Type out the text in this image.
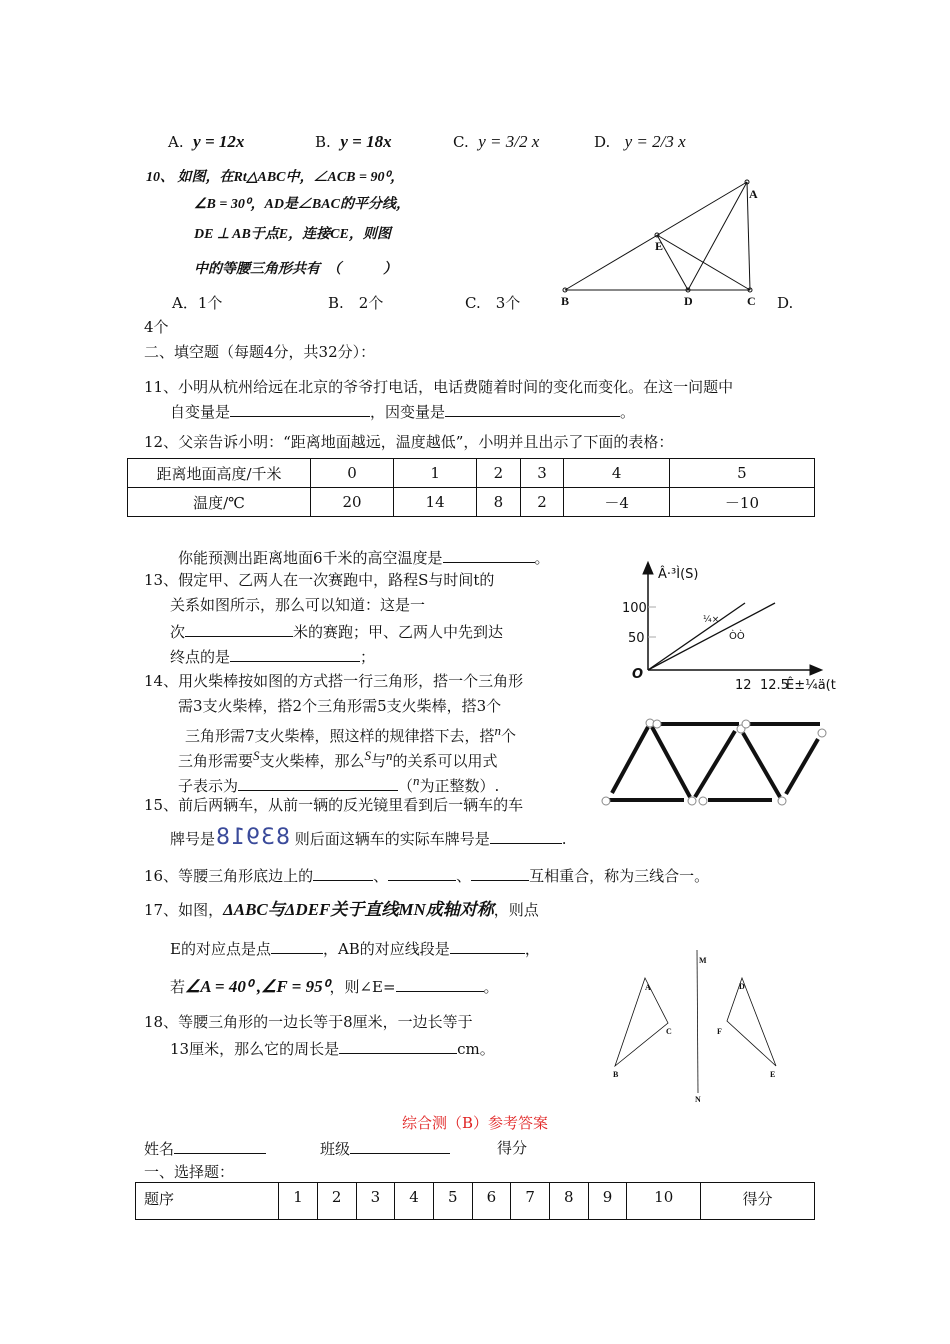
A. y = 12x	B. y = 18x	C. y = 3/2 x	D. y = 2/3 x
10、 如图，在Rt△ABC中，∠ACB = 90⁰，
∠B = 30⁰，AD是∠BAC的平分线，
DE ⊥ AB于点E，连接CE，则图
中的等腰三角形共有　（　　　）
A．1个	B.　2个	C.　3个	D.
4个
A
B	D	C
E
Â·³Ì(S)
100
50
O
12 12.5
Ê±¼ä(t
¼×
ÒÒ
M
N
A
C
B
D
F
E
二、填空题（每题4分，共32分）：
11、小明从杭州给远在北京的爷爷打电话，电话费随着时间的变化而变化。在这一问题中
自变量是	，因变量是	。
12、父亲告诉小明：“距离地面越远，温度越低”，小明并且出示了下面的表格：
距离地面高度/千米	0	1	2	3	4	5
温度/℃	20	14	8	2	－4	－10
你能预测出距离地面6千米的高空温度是	。
13、假定甲、乙两人在一次赛跑中，路程S与时间t的
关系如图所示，那么可以知道：这是一
次	米的赛跑；甲、乙两人中先到达
终点的是	；
14、用火柴棒按如图的方式搭一行三角形，搭一个三角形
需3支火柴棒，搭2个三角形需5支火柴棒，搭3个
三角形需7支火柴棒，照这样的规律搭下去，搭n个
三角形需要S支火柴棒，那么S与n的关系可以用式
子表示为	（n为正整数）.
15、前后两辆车，从前一辆的反光镜里看到后一辆车的车
牌号是83918 则后面这辆车的实际车牌号是	.
16、等腰三角形底边上的	、	、	互相重合，称为三线合一。
17、如图，ΔABC与ΔDEF关于直线MN成轴对称，则点
E的对应点是点	，AB的对应线段是	，
若∠A = 40⁰ ,∠F = 95⁰，则∠E=	。
18、等腰三角形的一边长等于8厘米，一边长等于
13厘米，那么它的周长是	cm。
综合测（B）参考答案
姓名	班级	得分
一、选择题：
题序	1	2	3	4	5	6	7	8	9	10	得分
